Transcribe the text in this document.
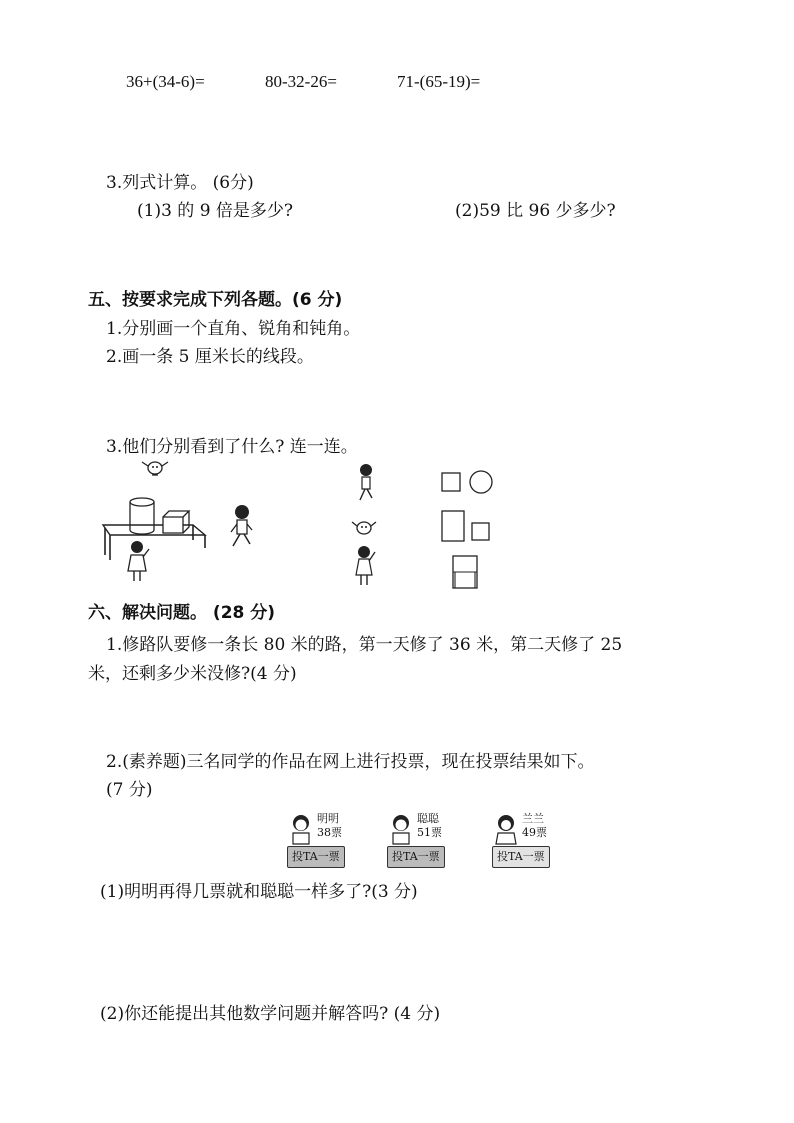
36+(34-6)=	80-32-26=	71-(65-19)=
3.列式计算。 (6分)
(1)3 的 9 倍是多少?	(2)59 比 96 少多少?
五、按要求完成下列各题。(6 分)
1.分别画一个直角、锐角和钝角。
2.画一条 5 厘米长的线段。
3.他们分别看到了什么? 连一连。
六、解决问题。 (28 分)
1.修路队要修一条长 80 米的路，第一天修了 36 米，第二天修了 25
米，还剩多少米没修?(4 分)
2.(素养题)三名同学的作品在网上进行投票，现在投票结果如下。
(7 分)
明明
38票
投TA一票
聪聪
51票
投TA一票
兰兰
49票
投TA一票
(1)明明再得几票就和聪聪一样多了?(3 分)
(2)你还能提出其他数学问题并解答吗? (4 分)
